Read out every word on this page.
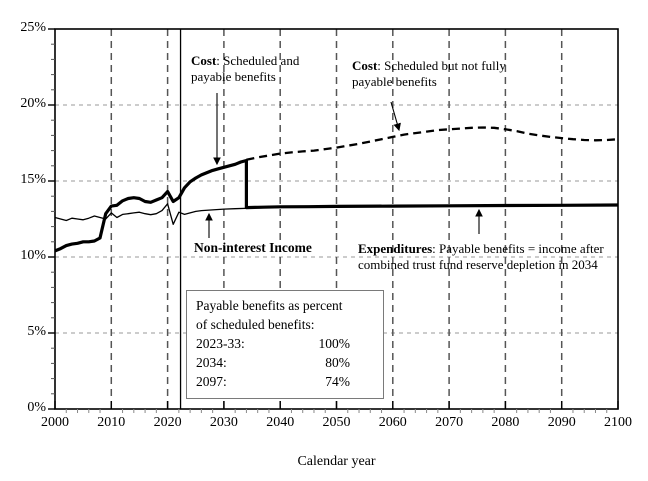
0%
5%
10%
15%
20%
25%
2000	2010	2020	2030	2040	2050	2060	2070	2080	2090	2100
Cost: Scheduled and payable benefits
Cost: Scheduled but not fully payable benefits
Non-interest Income	Expenditures: Payable benefits = income after combined trust fund reserve depletion in 2034
Payable benefits as percent
of scheduled benefits:
2023-33:	100%
2034:	80%
2097:	74%
Calendar year
